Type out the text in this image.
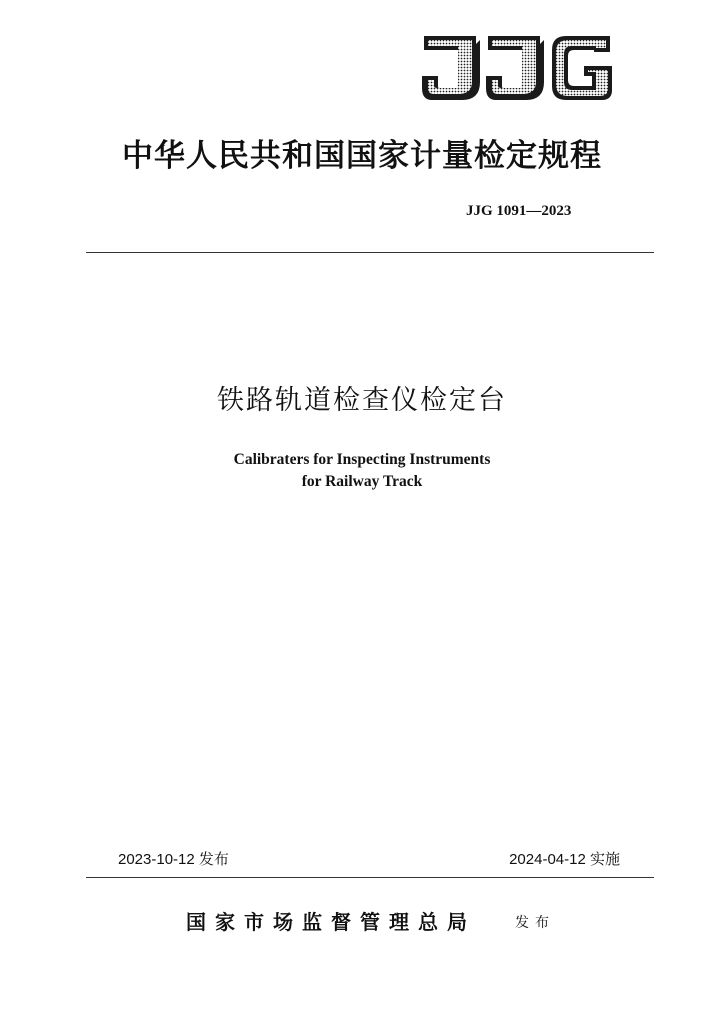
中华人民共和国国家计量检定规程
JJG 1091—2023
铁路轨道检查仪检定台
Calibraters for Inspecting Instruments
for Railway Track
2023-10-12 发布	2024-04-12 实施
国家市场监督管理总局	发布
